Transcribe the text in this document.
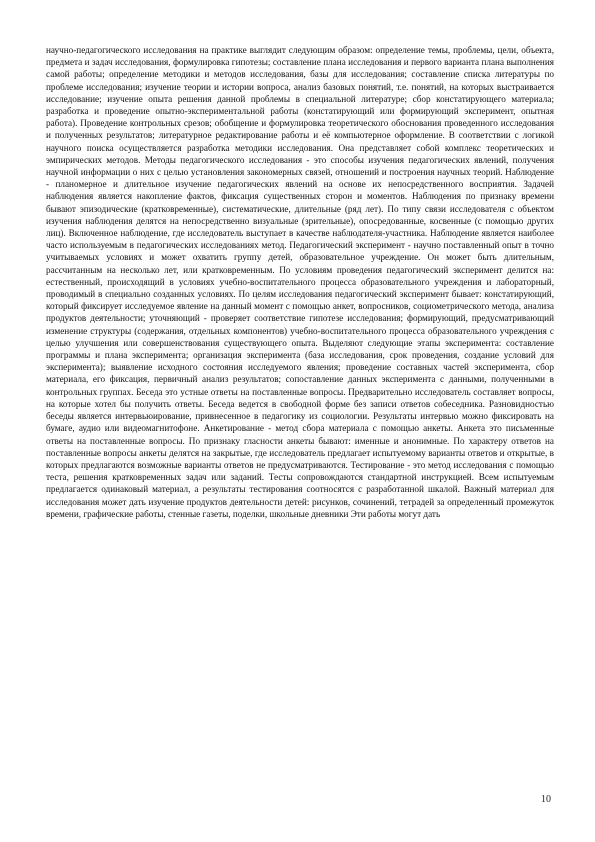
научно-педагогического исследования на практике выглядит следующим образом: определение темы, проблемы, цели, объекта, предмета и задач исследования, формулировка гипотезы; составление плана исследования и первого варианта плана выполнения самой работы; определение методики и методов исследования, базы для исследования; составление списка литературы по проблеме исследования; изучение теории и истории вопроса, анализ базовых понятий, т.е. понятий, на которых выстраивается исследование; изучение опыта решения данной проблемы в специальной литературе; сбор констатирующего материала; разработка и проведение опытно-экспериментальной работы (констатирующий или формирующий эксперимент, опытная работа). Проведение контрольных срезов; обобщение и формулировка теоретического обоснования проведенного исследования и полученных результатов; литературное редактирование работы и её компьютерное оформление. В соответствии с логикой научного поиска осуществляется разработка методики исследования. Она представляет собой комплекс теоретических и эмпирических методов. Методы педагогического исследования - это способы изучения педагогических явлений, получения научной информации о них с целью установления закономерных связей, отношений и построения научных теорий. Наблюдение - планомерное и длительное изучение педагогических явлений на основе их непосредственного восприятия. Задачей наблюдения является накопление фактов, фиксация существенных сторон и моментов. Наблюдения по признаку времени бывают эпизодические (кратковременные), систематические, длительные (ряд лет). По типу связи исследователя с объектом изучения наблюдения делятся на непосредственно визуальные (зрительные), опосредованные, косвенные (с помощью других лиц). Включенное наблюдение, где исследователь выступает в качестве наблюдателя-участника. Наблюдение является наиболее часто используемым в педагогических исследованиях метод. Педагогический эксперимент - научно поставленный опыт в точно учитываемых условиях и может охватить группу детей, образовательное учреждение. Он может быть длительным, рассчитанным на несколько лет, или кратковременным. По условиям проведения педагогический эксперимент делится на: естественный, происходящий в условиях учебно-воспитательного процесса образовательного учреждения и лабораторный, проводимый в специально созданных условиях. По целям исследования педагогический эксперимент бывает: констатирующий, который фиксирует исследуемое явление на данный момент с помощью анкет, вопросников, социометрического метода, анализа продуктов деятельности; уточняющий - проверяет соответствие гипотезе исследования; формирующий, предусматривающий изменение структуры (содержания, отдельных компонентов) учебно-воспитательного процесса образовательного учреждения с целью улучшения или совершенствования существующего опыта. Выделяют следующие этапы эксперимента: составление программы и плана эксперимента; организация эксперимента (база исследования, срок проведения, создание условий для эксперимента); выявление исходного состояния исследуемого явления; проведение составных частей эксперимента, сбор материала, его фиксация, первичный анализ результатов; сопоставление данных эксперимента с данными, полученными в контрольных группах. Беседа это устные ответы на поставленные вопросы. Предварительно исследователь составляет вопросы, на которые хотел бы получить ответы. Беседа ведется в свободной форме без записи ответов собеседника. Разновидностью беседы является интервьюирование, привнесенное в педагогику из социологии. Результаты интервью можно фиксировать на бумаге, аудио или видеомагнитофоне. Анкетирование - метод сбора материала с помощью анкеты. Анкета это письменные ответы на поставленные вопросы. По признаку гласности анкеты бывают: именные и анонимные. По характеру ответов на поставленные вопросы анкеты делятся на закрытые, где исследователь предлагает испытуемому варианты ответов и открытые, в которых предлагаются возможные варианты ответов не предусматриваются. Тестирование - это метод исследования с помощью теста, решения кратковременных задач или заданий. Тесты сопровождаются стандартной инструкцией. Всем испытуемым предлагается одинаковый материал, а результаты тестирования соотносятся с разработанной шкалой. Важный материал для исследования может дать изучение продуктов деятельности детей: рисунков, сочинений, тетрадей за определенный промежуток времени, графические работы, стенные газеты, поделки, школьные дневники Эти работы могут дать

10
